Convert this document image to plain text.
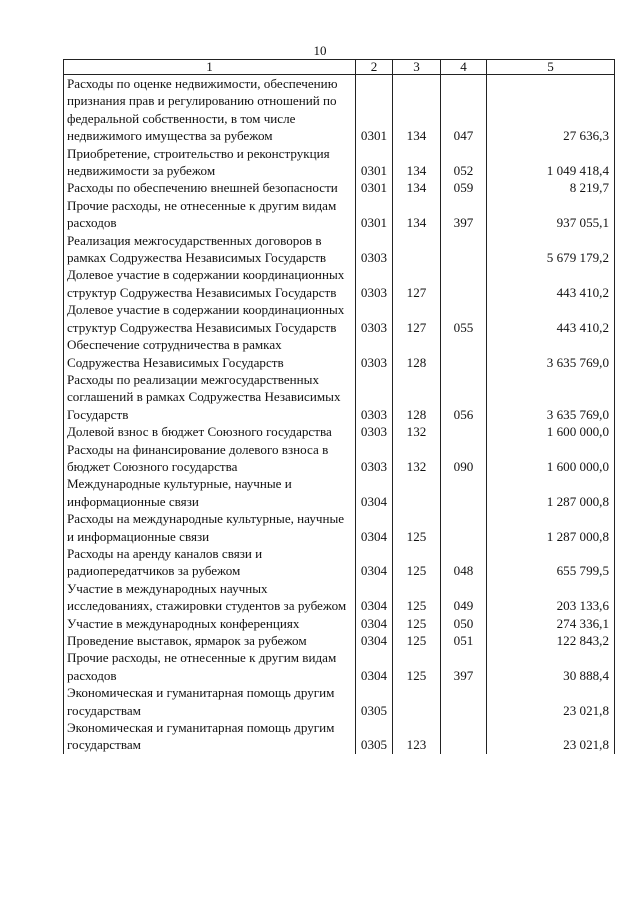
10
1	2	3	4	5
Расходы по оценке недвижимости, обеспечению признания прав и регулированию отношений по федеральной собственности, в том числе недвижимого имущества за рубежом	0301	134	047	27 636,3
Приобретение, строительство и реконструкция недвижимости за рубежом	0301	134	052	1 049 418,4
Расходы по обеспечению внешней безопасности	0301	134	059	8 219,7
Прочие расходы, не отнесенные к другим видам расходов	0301	134	397	937 055,1
Реализация межгосударственных договоров в рамках Содружества Независимых Государств	0303			5 679 179,2
Долевое участие в содержании координационных структур Содружества Независимых Государств	0303	127		443 410,2
Долевое участие в содержании координационных структур Содружества Независимых Государств	0303	127	055	443 410,2
Обеспечение сотрудничества в рамках Содружества Независимых Государств	0303	128		3 635 769,0
Расходы по реализации межгосударственных соглашений в рамках Содружества Независимых Государств	0303	128	056	3 635 769,0
Долевой взнос в бюджет Союзного государства	0303	132		1 600 000,0
Расходы на финансирование долевого взноса в бюджет Союзного государства	0303	132	090	1 600 000,0
Международные культурные, научные и информационные связи	0304			1 287 000,8
Расходы на международные культурные, научные и информационные связи	0304	125		1 287 000,8
Расходы на аренду каналов связи и радиопередатчиков за рубежом	0304	125	048	655 799,5
Участие в международных научных исследованиях, стажировки студентов за рубежом	0304	125	049	203 133,6
Участие в международных конференциях	0304	125	050	274 336,1
Проведение выставок, ярмарок за рубежом	0304	125	051	122 843,2
Прочие расходы, не отнесенные к другим видам расходов	0304	125	397	30 888,4
Экономическая и гуманитарная помощь другим государствам	0305			23 021,8
Экономическая и гуманитарная помощь другим государствам	0305	123		23 021,8
